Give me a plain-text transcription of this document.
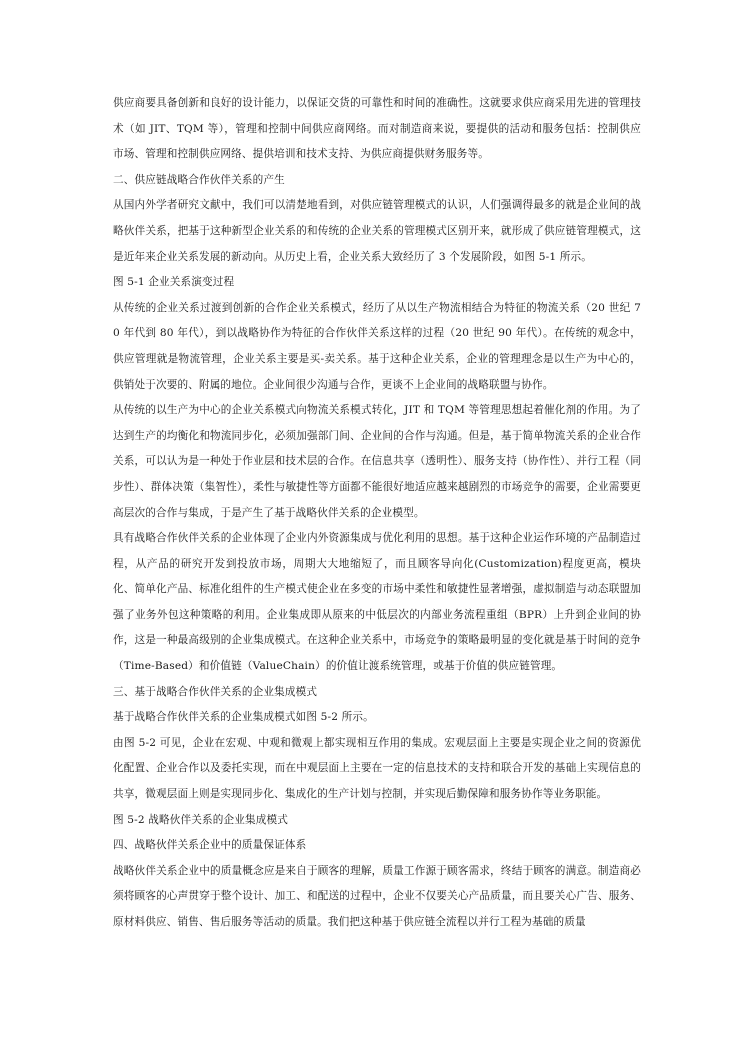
供应商要具备创新和良好的设计能力，以保证交货的可靠性和时间的准确性。这就要求供应商采用先进的管理技术（如 JIT、TQM 等），管理和控制中间供应商网络。而对制造商来说，要提供的活动和服务包括：控制供应市场、管理和控制供应网络、提供培训和技术支持、为供应商提供财务服务等。

二、供应链战略合作伙伴关系的产生

从国内外学者研究文献中，我们可以清楚地看到，对供应链管理模式的认识，人们强调得最多的就是企业间的战略伙伴关系，把基于这种新型企业关系的和传统的企业关系的管理模式区别开来，就形成了供应链管理模式，这是近年来企业关系发展的新动向。从历史上看，企业关系大致经历了 3 个发展阶段，如图 5-1 所示。

图 5-1 企业关系演变过程

从传统的企业关系过渡到创新的合作企业关系模式，经历了从以生产物流相结合为特征的物流关系（20 世纪 70 年代到 80 年代），到以战略协作为特征的合作伙伴关系这样的过程（20 世纪 90 年代）。在传统的观念中，供应管理就是物流管理，企业关系主要是买-卖关系。基于这种企业关系，企业的管理理念是以生产为中心的，供销处于次要的、附属的地位。企业间很少沟通与合作，更谈不上企业间的战略联盟与协作。

从传统的以生产为中心的企业关系模式向物流关系模式转化，JIT 和 TQM 等管理思想起着催化剂的作用。为了达到生产的均衡化和物流同步化，必须加强部门间、企业间的合作与沟通。但是，基于简单物流关系的企业合作关系，可以认为是一种处于作业层和技术层的合作。在信息共享（透明性）、服务支持（协作性）、并行工程（同步性）、群体决策（集智性），柔性与敏捷性等方面都不能很好地适应越来越剧烈的市场竞争的需要，企业需要更高层次的合作与集成，于是产生了基于战略伙伴关系的企业模型。

具有战略合作伙伴关系的企业体现了企业内外资源集成与优化利用的思想。基于这种企业运作环境的产品制造过程，从产品的研究开发到投放市场，周期大大地缩短了，而且顾客导向化(Customization)程度更高，模块化、简单化产品、标准化组件的生产模式使企业在多变的市场中柔性和敏捷性显著增强，虚拟制造与动态联盟加强了业务外包这种策略的利用。企业集成即从原来的中低层次的内部业务流程重组（BPR）上升到企业间的协作，这是一种最高级别的企业集成模式。在这种企业关系中，市场竞争的策略最明显的变化就是基于时间的竞争（Time-Based）和价值链（ValueChain）的价值让渡系统管理，或基于价值的供应链管理。

三、基于战略合作伙伴关系的企业集成模式

基于战略合作伙伴关系的企业集成模式如图 5-2 所示。

由图 5-2 可见，企业在宏观、中观和微观上都实现相互作用的集成。宏观层面上主要是实现企业之间的资源优化配置、企业合作以及委托实现，而在中观层面上主要在一定的信息技术的支持和联合开发的基础上实现信息的共享，微观层面上则是实现同步化、集成化的生产计划与控制，并实现后勤保障和服务协作等业务职能。

图 5-2 战略伙伴关系的企业集成模式

四、战略伙伴关系企业中的质量保证体系

战略伙伴关系企业中的质量概念应是来自于顾客的理解，质量工作源于顾客需求，终结于顾客的满意。制造商必须将顾客的心声贯穿于整个设计、加工、和配送的过程中，企业不仅要关心产品质量，而且要关心广告、服务、原材料供应、销售、售后服务等活动的质量。我们把这种基于供应链全流程以并行工程为基础的质量
